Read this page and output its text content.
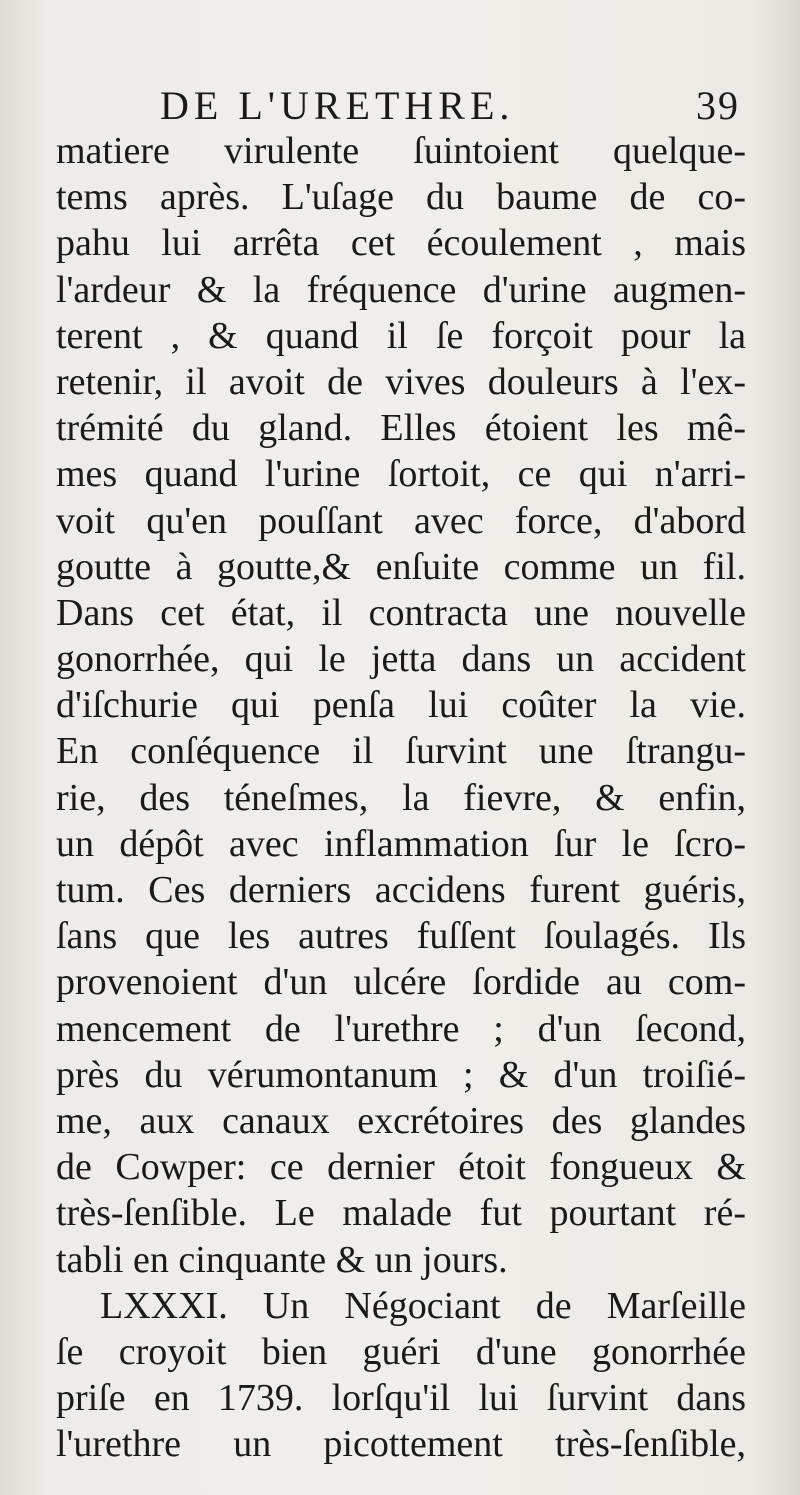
DE L'URETHRE.	39
matiere virulente ſuintoient quelque-
tems après. L'uſage du baume de co-
pahu lui arrêta cet écoulement , mais
l'ardeur & la fréquence d'urine augmen-
terent , & quand il ſe forçoit pour la
retenir, il avoit de vives douleurs à l'ex-
trémité du gland. Elles étoient les mê-
mes quand l'urine ſortoit, ce qui n'arri-
voit qu'en pouſſant avec force, d'abord
goutte à goutte,& enſuite comme un fil.
Dans cet état, il contracta une nouvelle
gonorrhée, qui le jetta dans un accident
d'iſchurie qui penſa lui coûter la vie.
En conſéquence il ſurvint une ſtrangu-
rie, des téneſmes, la fievre, & enfin,
un dépôt avec inflammation ſur le ſcro-
tum. Ces derniers accidens furent guéris,
ſans que les autres fuſſent ſoulagés. Ils
provenoient d'un ulcére ſordide au com-
mencement de l'urethre ; d'un ſecond,
près du vérumontanum ; & d'un troiſié-
me, aux canaux excrétoires des glandes
de Cowper: ce dernier étoit fongueux &
très-ſenſible. Le malade fut pourtant ré-
tabli en cinquante & un jours.
LXXXI. Un Négociant de Marſeille
ſe croyoit bien guéri d'une gonorrhée
priſe en 1739. lorſqu'il lui ſurvint dans
l'urethre un picottement très-ſenſible,
